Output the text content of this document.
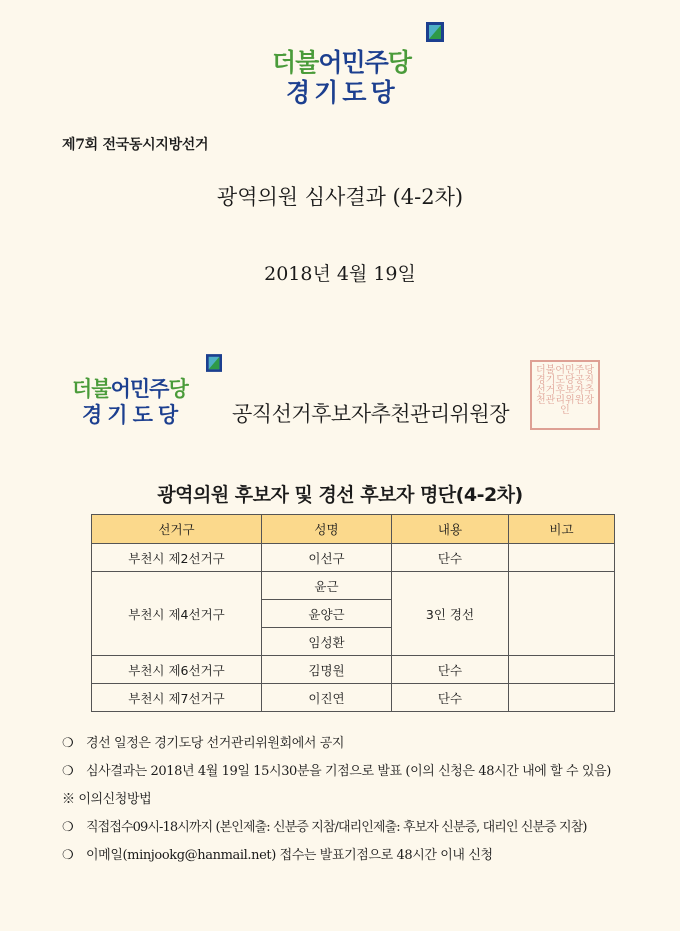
더불어민주당
경기도당
제7회 전국동시지방선거
광역의원 심사결과 (4-2차)
2018년 4월 19일
더불어민주당
경기도당 공직선거후보자추천관리위원장
더불어민주당경기도당공직선거후보자추천관리위원장인
광역의원 후보자 및 경선 후보자 명단(4-2차)
선거구	성명	내용	비고
부천시 제2선거구	이선구	단수	
부천시 제4선거구	윤근	3인 경선	
	윤양근		
	임성환		
부천시 제6선거구	김명원	단수	
부천시 제7선거구	이진연	단수	
❍ 경선 일정은 경기도당 선거관리위원회에서 공지
❍ 심사결과는 2018년 4월 19일 15시30분을 기점으로 발표 (이의 신청은 48시간 내에 할 수 있음)
※ 이의신청방법
❍ 직접접수09시-18시까지 (본인제출: 신분증 지참/대리인제출: 후보자 신분증, 대리인 신분증 지참)
❍ 이메일(minjookg@hanmail.net) 접수는 발표기점으로 48시간 이내 신청
